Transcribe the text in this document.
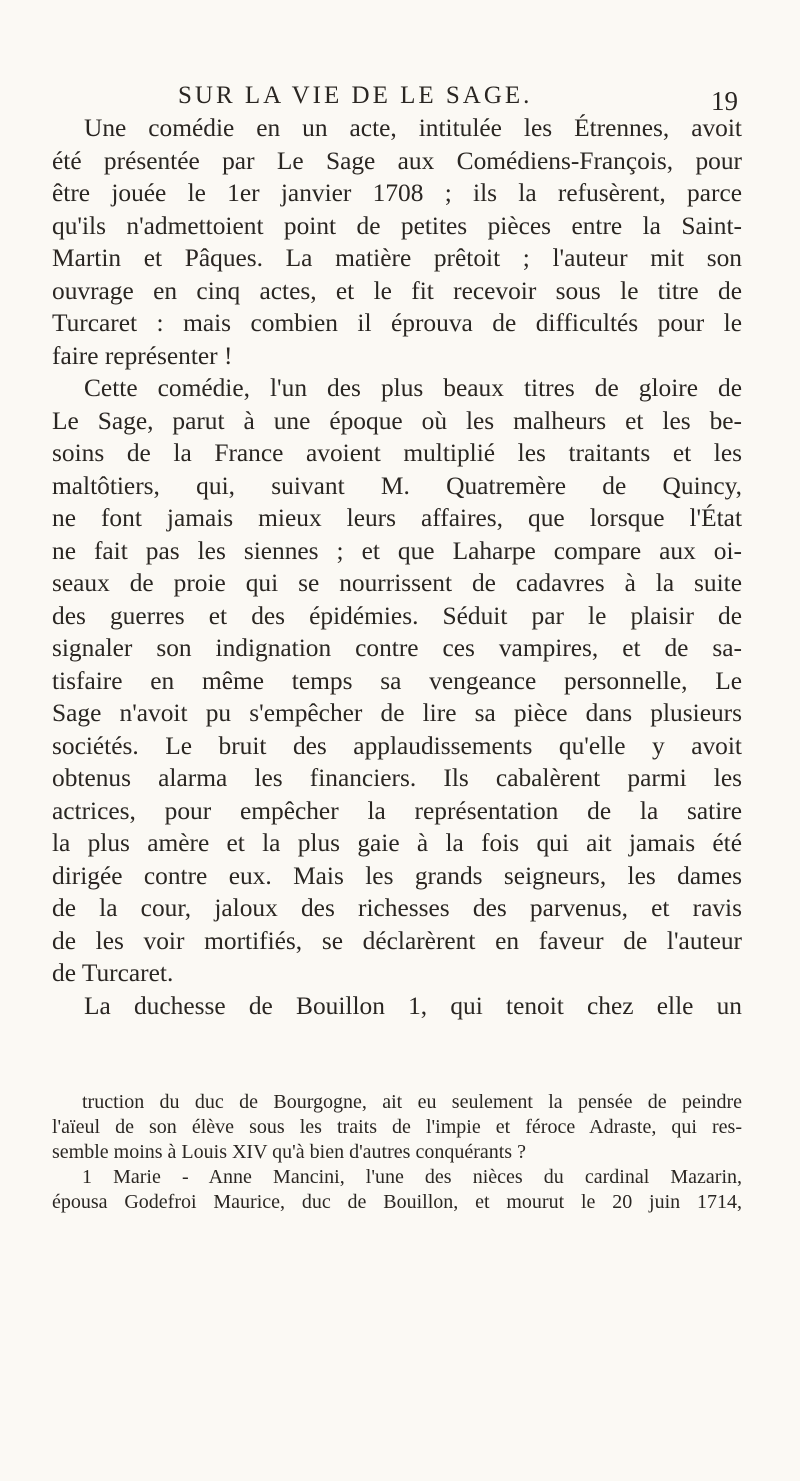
SUR LA VIE DE LE SAGE.	19
Une comédie en un acte, intitulée les Étrennes, avoit
été présentée par Le Sage aux Comédiens-François, pour
être jouée le 1er janvier 1708 ; ils la refusèrent, parce
qu'ils n'admettoient point de petites pièces entre la Saint-
Martin et Pâques. La matière prêtoit ; l'auteur mit son
ouvrage en cinq actes, et le fit recevoir sous le titre de
Turcaret : mais combien il éprouva de difficultés pour le
faire représenter !
Cette comédie, l'un des plus beaux titres de gloire de
Le Sage, parut à une époque où les malheurs et les be-
soins de la France avoient multiplié les traitants et les
maltôtiers, qui, suivant M. Quatremère de Quincy,
ne font jamais mieux leurs affaires, que lorsque l'État
ne fait pas les siennes ; et que Laharpe compare aux oi-
seaux de proie qui se nourrissent de cadavres à la suite
des guerres et des épidémies. Séduit par le plaisir de
signaler son indignation contre ces vampires, et de sa-
tisfaire en même temps sa vengeance personnelle, Le
Sage n'avoit pu s'empêcher de lire sa pièce dans plusieurs
sociétés. Le bruit des applaudissements qu'elle y avoit
obtenus alarma les financiers. Ils cabalèrent parmi les
actrices, pour empêcher la représentation de la satire
la plus amère et la plus gaie à la fois qui ait jamais été
dirigée contre eux. Mais les grands seigneurs, les dames
de la cour, jaloux des richesses des parvenus, et ravis
de les voir mortifiés, se déclarèrent en faveur de l'auteur
de Turcaret.
La duchesse de Bouillon 1, qui tenoit chez elle un
truction du duc de Bourgogne, ait eu seulement la pensée de peindre
l'aïeul de son élève sous les traits de l'impie et féroce Adraste, qui res-
semble moins à Louis XIV qu'à bien d'autres conquérants ?
1 Marie - Anne Mancini, l'une des nièces du cardinal Mazarin,
épousa Godefroi Maurice, duc de Bouillon, et mourut le 20 juin 1714,
